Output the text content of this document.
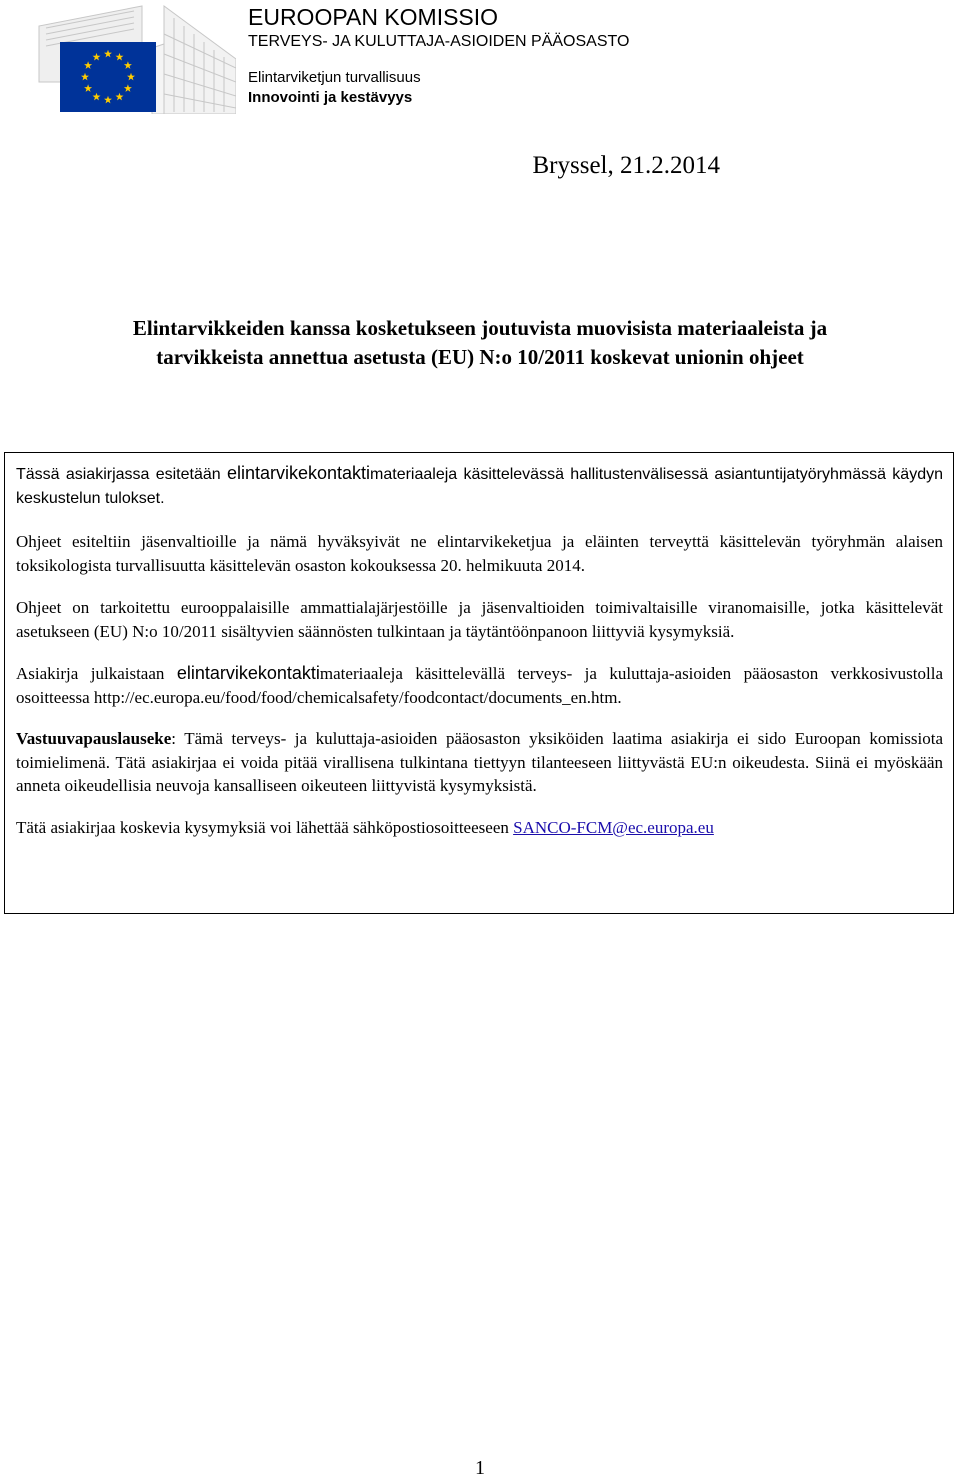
EUROOPAN KOMISSIO
TERVEYS- JA KULUTTAJA-ASIOIDEN PÄÄOSASTO
Elintarviketjun turvallisuus
Innovointi ja kestävyys
Bryssel, 21.2.2014
Elintarvikkeiden kanssa kosketukseen joutuvista muovisista materiaaleista ja
tarvikkeista annettua asetusta (EU) N:o 10/2011 koskevat unionin ohjeet

Tässä asiakirjassa esitetään elintarvikekontaktimateriaaleja käsittelevässä hallitustenvälisessä asiantuntijatyöryhmässä käydyn keskustelun tulokset.

Ohjeet esiteltiin jäsenvaltioille ja nämä hyväksyivät ne elintarvikeketjua ja eläinten terveyttä käsittelevän työryhmän alaisen toksikologista turvallisuutta käsittelevän osaston kokouksessa 20. helmikuuta 2014.

Ohjeet on tarkoitettu eurooppalaisille ammattialajärjestöille ja jäsenvaltioiden toimivaltaisille viranomaisille, jotka käsittelevät asetukseen (EU) N:o 10/2011 sisältyvien säännösten tulkintaan ja täytäntöönpanoon liittyviä kysymyksiä.

Asiakirja julkaistaan elintarvikekontaktimateriaaleja käsittelevällä terveys- ja kuluttaja-asioiden pääosaston verkkosivustolla osoitteessa http://ec.europa.eu/food/food/chemicalsafety/foodcontact/documents_en.htm.

Vastuuvapauslauseke: Tämä terveys- ja kuluttaja-asioiden pääosaston yksiköiden laatima asiakirja ei sido Euroopan komissiota toimielimenä. Tätä asiakirjaa ei voida pitää virallisena tulkintana tiettyyn tilanteeseen liittyvästä EU:n oikeudesta. Siinä ei myöskään anneta oikeudellisia neuvoja kansalliseen oikeuteen liittyvistä kysymyksistä.

Tätä asiakirjaa koskevia kysymyksiä voi lähettää sähköpostiosoitteeseen SANCO-FCM@ec.europa.eu

1
